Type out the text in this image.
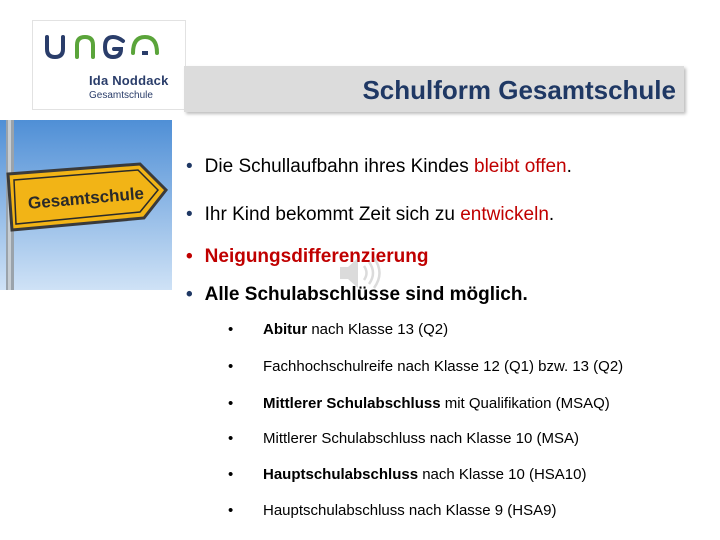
Ida Noddack
Gesamtschule	Schulform Gesamtschule
Gesamtschule
• Die Schullaufbahn ihres Kindes bleibt offen.
• Ihr Kind bekommt Zeit sich zu entwickeln.
• Neigungsdifferenzierung
• Alle Schulabschlüsse sind möglich.
• Abitur nach Klasse 13 (Q2)
• Fachhochschulreife nach Klasse 12 (Q1) bzw. 13 (Q2)
• Mittlerer Schulabschluss mit Qualifikation (MSAQ)
• Mittlerer Schulabschluss nach Klasse 10 (MSA)
• Hauptschulabschluss nach Klasse 10 (HSA10)
• Hauptschulabschluss nach Klasse 9 (HSA9)
